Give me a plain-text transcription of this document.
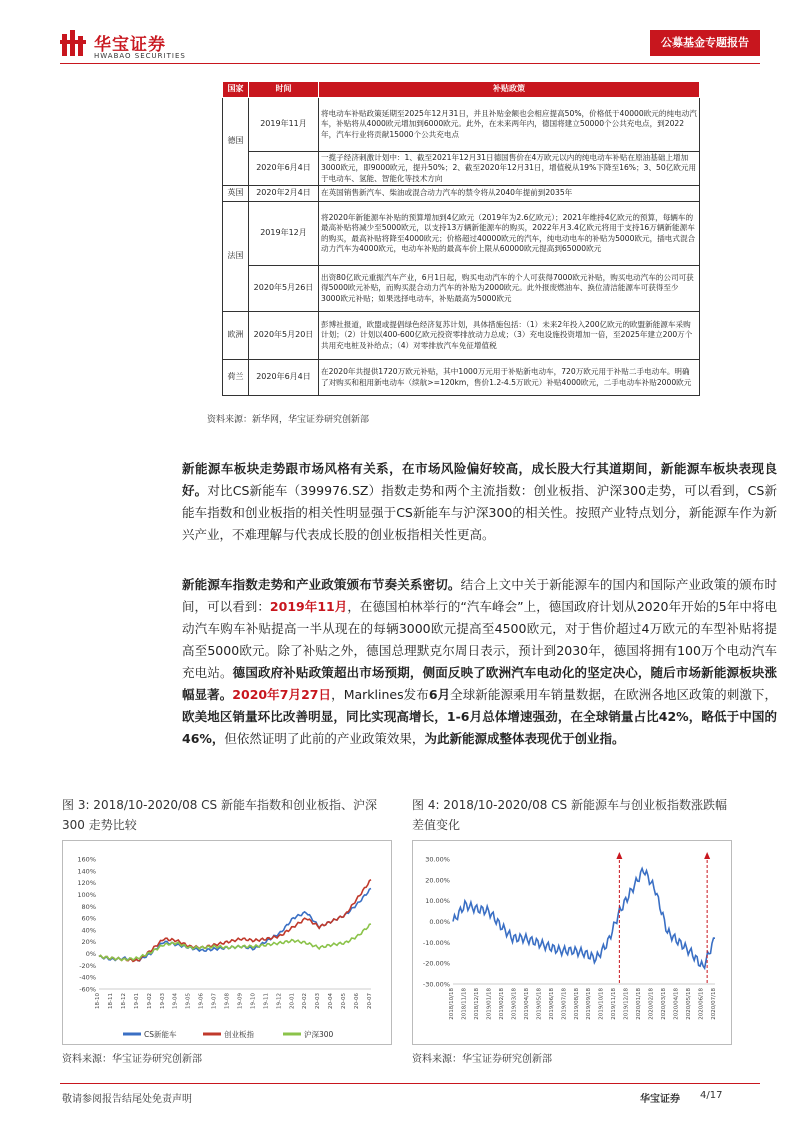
华宝证券
HWABAO SECURITIES
公募基金专题报告
国家	时间	补贴政策
德国	2019年11月	将电动车补贴政策延期至2025年12月31日，并且补贴金额也会相应提高50%，价格低于40000欧元的纯电动汽车，补贴将从4000欧元增加到6000欧元。此外，在未来两年内，德国将建立50000个公共充电点，到2022年，汽车行业将贡献15000个公共充电点
	2020年6月4日	一揽子经济刺激计划中：1、截至2021年12月31日德国售价在4万欧元以内的纯电动车补贴在原油基础上增加3000欧元，即9000欧元，提升50%；2、截至2020年12月31日，增值税从19%下降至16%；3、50亿欧元用于电动车、氢能、智能化等技术方向
英国	2020年2月4日	在英国销售新汽车、柴油或混合动力汽车的禁令将从2040年提前到2035年
法国	2019年12月	将2020年新能源车补贴的预算增加到4亿欧元（2019年为2.6亿欧元）；2021年维持4亿欧元的预算，每辆车的最高补贴将减少至5000欧元，以支持13万辆新能源车的购买，2022年月3.4亿欧元将用于支持16万辆新能源车的购买，最高补贴将降至4000欧元；价格超过40000欧元的汽车，纯电动电车的补贴为5000欧元，插电式混合动力汽车为4000欧元，电动车补贴的最高车价上限从60000欧元提高到65000欧元
	2020年5月26日	出资80亿欧元重振汽车产业，6月1日起，购买电动汽车的个人可获得7000欧元补贴，购买电动汽车的公司可获得5000欧元补贴，而购买混合动力汽车的补贴为2000欧元。此外报废燃油车、换位清洁能源车可获得至少3000欧元补贴；如果选择电动车，补贴最高为5000欧元
欧洲	2020年5月20日	彭博社报道，欧盟或提倡绿色经济复苏计划，具体措施包括：（1）未来2年投入200亿欧元的欧盟新能源车采购计划；（2）计划以400-600亿欧元投资零排放动力总成；（3）充电设施投资增加一倍，至2025年建立200万个共用充电桩及补给点；（4）对零排放汽车免征增值税
荷兰	2020年6月4日	在2020年共提供1720万欧元补贴，其中1000万元用于补贴新电动车，720万欧元用于补贴二手电动车。明确了对购买和租用新电动车（续航>=120km，售价1.2-4.5万欧元）补贴4000欧元，二手电动车补贴2000欧元
资料来源：新华网，华宝证券研究创新部
新能源车板块走势跟市场风格有关系，在市场风险偏好较高，成长股大行其道期间，新能源车板块表现良好。对比CS新能车（399976.SZ）指数走势和两个主流指数：创业板指、沪深300走势，可以看到，CS新能车指数和创业板指的相关性明显强于CS新能车与沪深300的相关性。按照产业特点划分，新能源车作为新兴产业，不难理解与代表成长股的创业板指相关性更高。
新能源车指数走势和产业政策颁布节奏关系密切。结合上文中关于新能源车的国内和国际产业政策的颁布时间，可以看到：2019年11月，在德国柏林举行的“汽车峰会”上，德国政府计划从2020年开始的5年中将电动汽车购车补贴提高一半从现在的每辆3000欧元提高至4500欧元，对于售价超过4万欧元的车型补贴将提高至5000欧元。除了补贴之外，德国总理默克尔周日表示，预计到2030年，德国将拥有100万个电动汽车充电站。德国政府补贴政策超出市场预期，侧面反映了欧洲汽车电动化的坚定决心，随后市场新能源板块涨幅显著。2020年7月27日，Marklines发布6月全球新能源乘用车销量数据，在欧洲各地区政策的刺激下，欧美地区销量环比改善明显，同比实现高增长，1-6月总体增速强劲，在全球销量占比42%，略低于中国的46%，但依然证明了此前的产业政策效果，为此新能源成整体表现优于创业指。
图 3: 2018/10-2020/08 CS 新能车指数和创业板指、沪深 300 走势比较
160%
140%
120%
100%
80%
60%
40%
20%
0%
-20%
-40%
-60%
18-10 18-11 18-12 19-01 19-02 19-03 19-04 19-05 19-06 19-07 19-08 19-09 19-10 19-11 19-12 20-01 20-02 20-03 20-04 20-05 20-06 20-07
CS新能车	创业板指	沪深300
资料来源：华宝证券研究创新部
图 4: 2018/10-2020/08 CS 新能源车与创业板指数涨跌幅差值变化
30.00%
20.00%
10.00%
0.00%
-10.00%
-20.00%
-30.00%
2018/10/18 2018/11/18 2018/12/18 2019/01/18 2019/02/18 2019/03/18 2019/04/18 2019/05/18 2019/06/18 2019/07/18 2019/08/18 2019/09/18 2019/10/18 2019/11/18 2019/12/18 2020/01/18 2020/02/18 2020/03/18 2020/04/18 2020/05/18 2020/06/18 2020/07/18
资料来源：华宝证券研究创新部
敬请参阅报告结尾处免责声明	华宝证券 4/17
